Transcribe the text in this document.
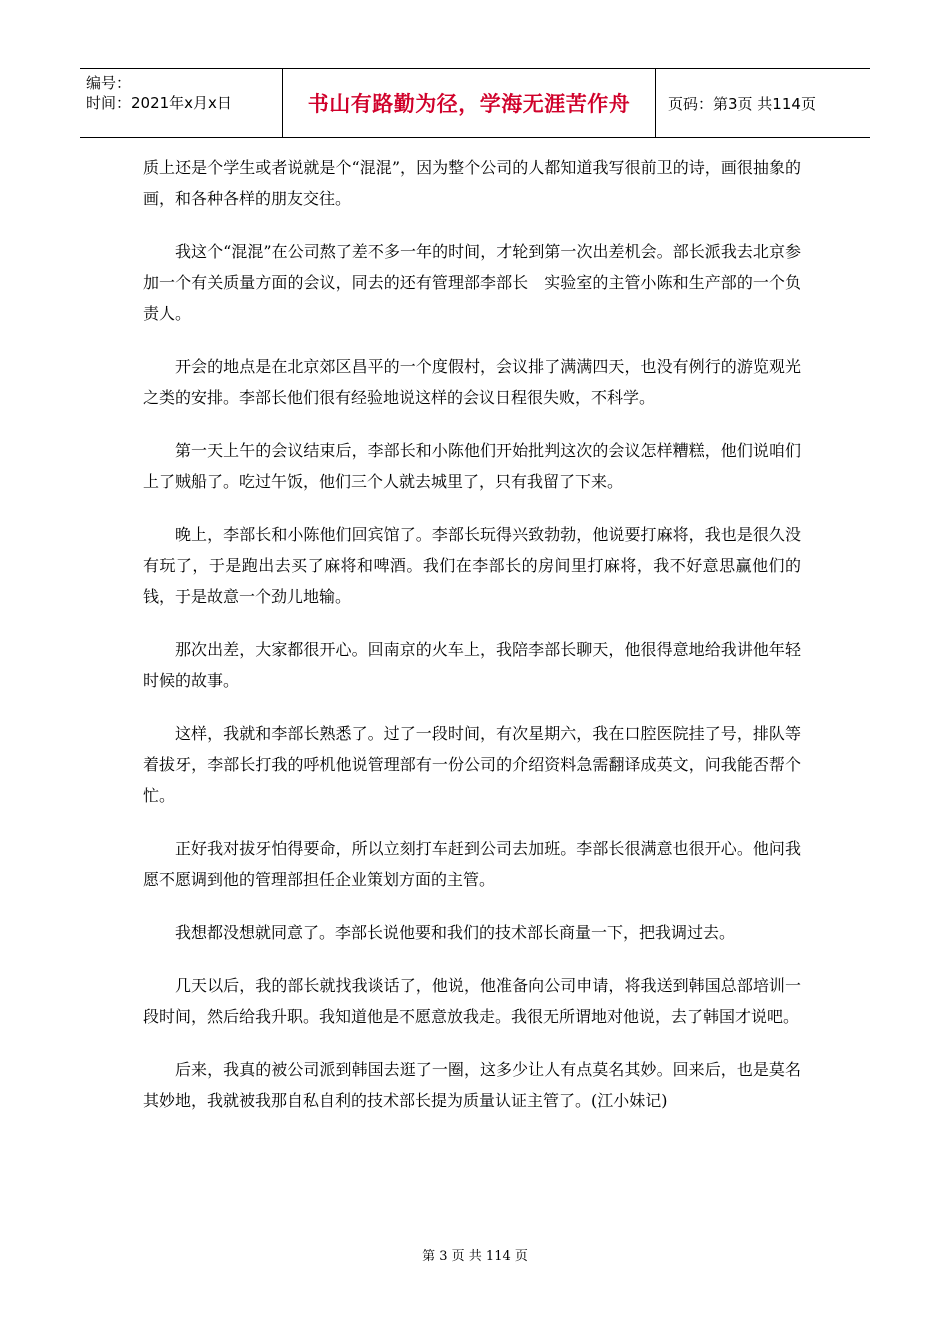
编号：
时间：2021年x月x日	书山有路勤为径，学海无涯苦作舟	页码：第3页 共114页

质上还是个学生或者说就是个“混混”，因为整个公司的人都知道我写很前卫的诗，画很抽象的画，和各种各样的朋友交往。

我这个“混混”在公司熬了差不多一年的时间，才轮到第一次出差机会。部长派我去北京参加一个有关质量方面的会议，同去的还有管理部李部长　实验室的主管小陈和生产部的一个负责人。

开会的地点是在北京郊区昌平的一个度假村，会议排了满满四天，也没有例行的游览观光之类的安排。李部长他们很有经验地说这样的会议日程很失败，不科学。

第一天上午的会议结束后，李部长和小陈他们开始批判这次的会议怎样糟糕，他们说咱们上了贼船了。吃过午饭，他们三个人就去城里了，只有我留了下来。

晚上，李部长和小陈他们回宾馆了。李部长玩得兴致勃勃，他说要打麻将，我也是很久没有玩了，于是跑出去买了麻将和啤酒。我们在李部长的房间里打麻将，我不好意思赢他们的钱，于是故意一个劲儿地输。

那次出差，大家都很开心。回南京的火车上，我陪李部长聊天，他很得意地给我讲他年轻时候的故事。

这样，我就和李部长熟悉了。过了一段时间，有次星期六，我在口腔医院挂了号，排队等着拔牙，李部长打我的呼机他说管理部有一份公司的介绍资料急需翻译成英文，问我能否帮个忙。

正好我对拔牙怕得要命，所以立刻打车赶到公司去加班。李部长很满意也很开心。他问我愿不愿调到他的管理部担任企业策划方面的主管。

我想都没想就同意了。李部长说他要和我们的技术部长商量一下，把我调过去。

几天以后，我的部长就找我谈话了，他说，他准备向公司申请，将我送到韩国总部培训一段时间，然后给我升职。我知道他是不愿意放我走。我很无所谓地对他说，去了韩国才说吧。

后来，我真的被公司派到韩国去逛了一圈，这多少让人有点莫名其妙。回来后，也是莫名其妙地，我就被我那自私自利的技术部长提为质量认证主管了。(江小妹记)

第 3 页 共 114 页
